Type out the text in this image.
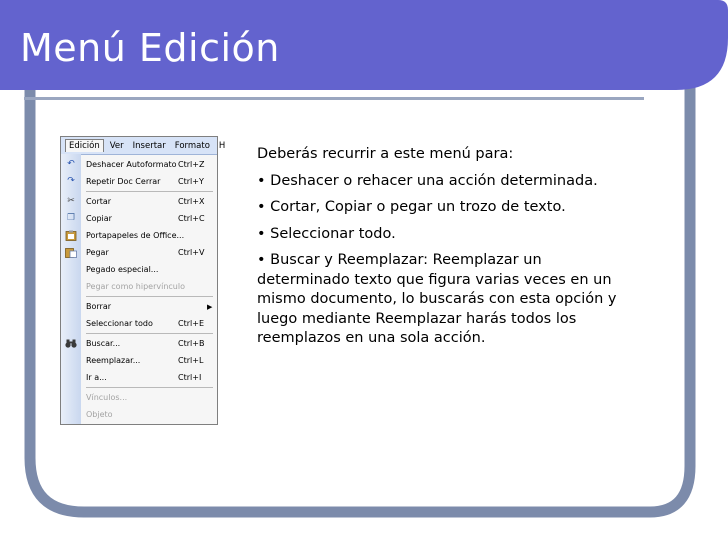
Menú Edición
Edición	Ver	Insertar	Formato	H
↶ Deshacer Autoformato Ctrl+Z
↷ Repetir Doc Cerrar Ctrl+Y
✂ Cortar	Ctrl+X
❐ Copiar	Ctrl+C
Portapapeles de Office...
Pegar	Ctrl+V
Pegado especial...
Pegar como hipervínculo
Borrar	▶
Seleccionar todo	Ctrl+E
Buscar...	Ctrl+B
Reemplazar...	Ctrl+L
Ir a...	Ctrl+I
Vínculos...
Objeto

Deberás recurrir a este menú para:

• Deshacer o rehacer una acción determinada.

• Cortar, Copiar o pegar un trozo de texto.

• Seleccionar todo.

• Buscar y Reemplazar: Reemplazar un determinado texto que figura varias veces en un mismo documento, lo buscarás con esta opción y luego mediante Reemplazar harás todos los reemplazos en una sola acción.
